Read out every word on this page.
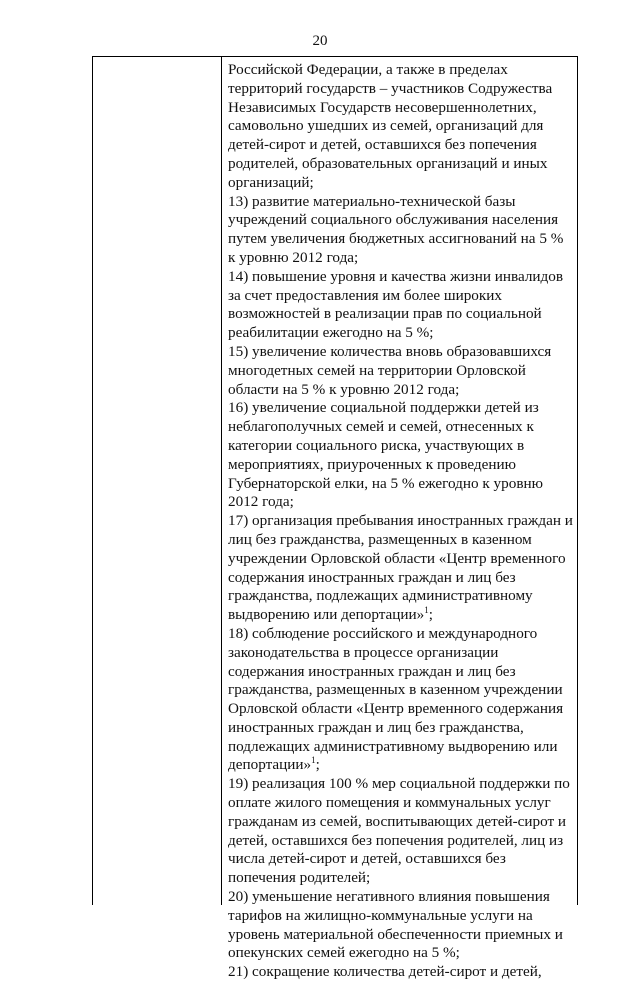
20

Российской Федерации, а также в пределах территорий государств – участников Содружества Независимых Государств несовершеннолетних, самовольно ушедших из семей, организаций для детей-сирот и детей, оставшихся без попечения родителей, образовательных организаций и иных организаций;

13) развитие материально-технической базы учреждений социального обслуживания населения путем увеличения бюджетных ассигнований на 5 % к уровню 2012 года;

14) повышение уровня и качества жизни инвалидов за счет предоставления им более широких возможностей в реализации прав по социальной реабилитации ежегодно на 5 %;

15) увеличение количества вновь образовавшихся многодетных семей на территории Орловской области на 5 % к уровню 2012 года;

16) увеличение социальной поддержки детей из неблагополучных семей и семей, отнесенных к категории социального риска, участвующих в мероприятиях, приуроченных к проведению Губернаторской елки, на 5 % ежегодно к уровню 2012 года;

17) организация пребывания иностранных граждан и лиц без гражданства, размещенных в казенном учреждении Орловской области «Центр временного содержания иностранных граждан и лиц без гражданства, подлежащих административному выдворению или депортации»$^1$;

18) соблюдение российского и международного законодательства в процессе организации содержания иностранных граждан и лиц без гражданства, размещенных в казенном учреждении Орловской области «Центр временного содержания иностранных граждан и лиц без гражданства, подлежащих административному выдворению или депортации»$^1$;

19) реализация 100 % мер социальной поддержки по оплате жилого помещения и коммунальных услуг гражданам из семей, воспитывающих детей-сирот и детей, оставшихся без попечения родителей, лиц из числа детей-сирот и детей, оставшихся без попечения родителей;

20) уменьшение негативного влияния повышения тарифов на жилищно-коммунальные услуги на уровень материальной обеспеченности приемных и опекунских семей ежегодно на 5 %;

21) сокращение количества детей-сирот и детей,
